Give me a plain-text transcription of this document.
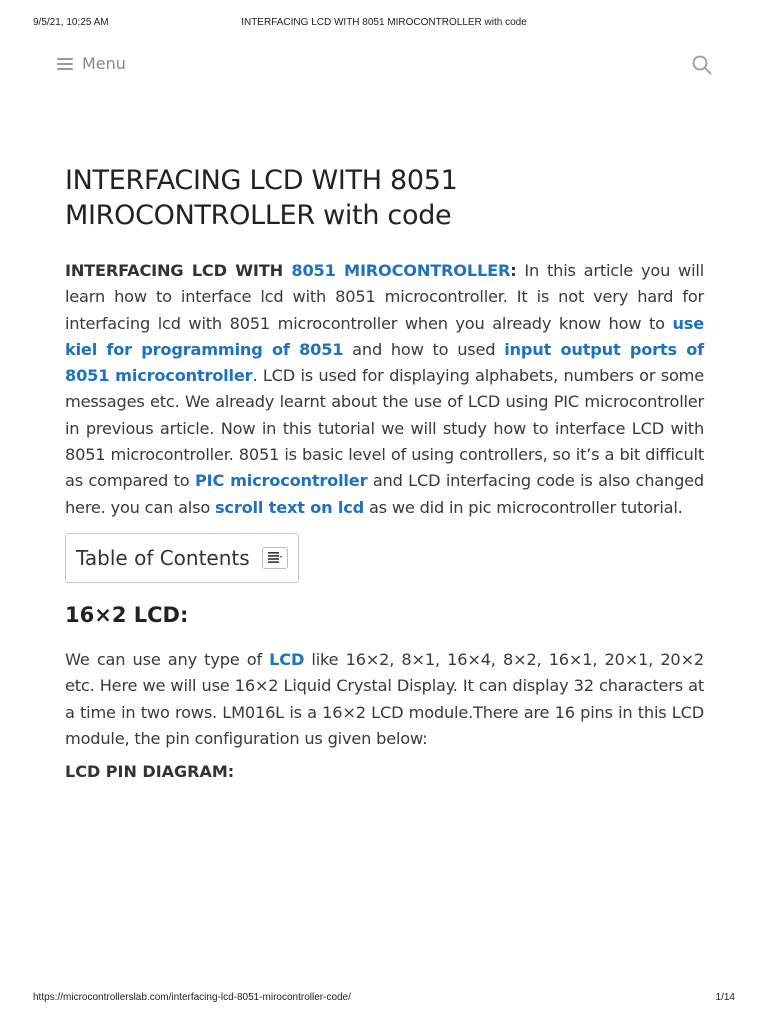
9/5/21, 10:25 AM	INTERFACING LCD WITH 8051 MIROCONTROLLER with code
Menu
INTERFACING LCD WITH 8051 MIROCONTROLLER with code

INTERFACING LCD WITH 8051 MIROCONTROLLER: In this article you will learn how to interface lcd with 8051 microcontroller. It is not very hard for interfacing lcd with 8051 microcontroller when you already know how to use kiel for programming of 8051 and how to used input output ports of 8051 microcontroller. LCD is used for displaying alphabets, numbers or some messages etc. We already learnt about the use of LCD using PIC microcontroller in previous article. Now in this tutorial we will study how to interface LCD with 8051 microcontroller. 8051 is basic level of using controllers, so it’s a bit difficult as compared to PIC microcontroller and LCD interfacing code is also changed here. you can also scroll text on lcd as we did in pic microcontroller tutorial.

Table of Contents
16×2 LCD:

We can use any type of LCD like 16×2, 8×1, 16×4, 8×2, 16×1, 20×1, 20×2 etc. Here we will use 16×2 Liquid Crystal Display. It can display 32 characters at a time in two rows. LM016L is a 16×2 LCD module.There are 16 pins in this LCD module, the pin configuration us given below:

LCD PIN DIAGRAM:

https://microcontrollerslab.com/interfacing-lcd-8051-mirocontroller-code/	1/14
